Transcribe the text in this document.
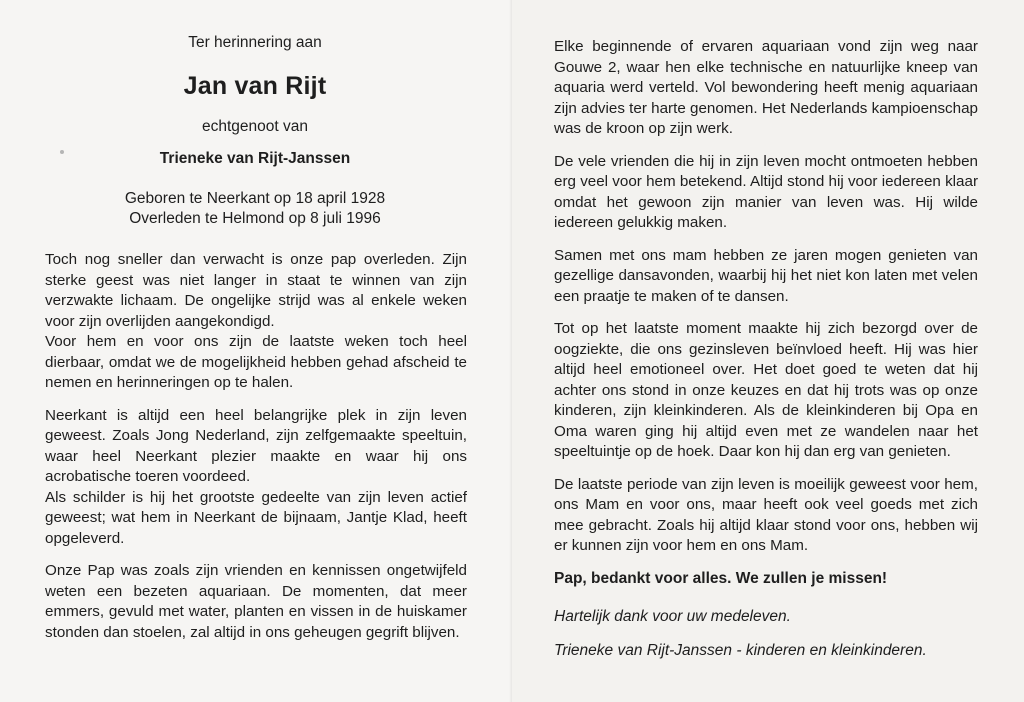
Ter herinnering aan
Jan van Rijt
echtgenoot van
Trieneke van Rijt-Janssen
Geboren te Neerkant op 18 april 1928
Overleden te Helmond op 8 juli 1996

Toch nog sneller dan verwacht is onze pap overleden. Zijn sterke geest was niet langer in staat te winnen van zijn verzwakte lichaam. De ongelijke strijd was al enkele weken voor zijn overlijden aangekondigd.

Voor hem en voor ons zijn de laatste weken toch heel dierbaar, omdat we de mogelijkheid hebben gehad afscheid te nemen en herinneringen op te halen.

Neerkant is altijd een heel belangrijke plek in zijn leven geweest. Zoals Jong Nederland, zijn zelfgemaakte speeltuin, waar heel Neerkant plezier maakte en waar hij ons acrobatische toeren voordeed.

Als schilder is hij het grootste gedeelte van zijn leven actief geweest; wat hem in Neerkant de bijnaam, Jantje Klad, heeft opgeleverd.

Onze Pap was zoals zijn vrienden en kennissen ongetwijfeld weten een bezeten aquariaan. De momenten, dat meer emmers, gevuld met water, planten en vissen in de huiskamer stonden dan stoelen, zal altijd in ons geheugen gegrift blijven.

Elke beginnende of ervaren aquariaan vond zijn weg naar Gouwe 2, waar hen elke technische en natuurlijke kneep van aquaria werd verteld. Vol bewondering heeft menig aquariaan zijn advies ter harte genomen. Het Nederlands kampioenschap was de kroon op zijn werk.

De vele vrienden die hij in zijn leven mocht ontmoeten hebben erg veel voor hem betekend. Altijd stond hij voor iedereen klaar omdat het gewoon zijn manier van leven was. Hij wilde iedereen gelukkig maken.

Samen met ons mam hebben ze jaren mogen genieten van gezellige dansavonden, waarbij hij het niet kon laten met velen een praatje te maken of te dansen.

Tot op het laatste moment maakte hij zich bezorgd over de oogziekte, die ons gezinsleven beïnvloed heeft. Hij was hier altijd heel emotioneel over. Het doet goed te weten dat hij achter ons stond in onze keuzes en dat hij trots was op onze kinderen, zijn kleinkinderen. Als de kleinkinderen bij Opa en Oma waren ging hij altijd even met ze wandelen naar het speeltuintje op de hoek. Daar kon hij dan erg van genieten.

De laatste periode van zijn leven is moeilijk geweest voor hem, ons Mam en voor ons, maar heeft ook veel goeds met zich mee gebracht. Zoals hij altijd klaar stond voor ons, hebben wij er kunnen zijn voor hem en ons Mam.

Pap, bedankt voor alles. We zullen je missen!

Hartelijk dank voor uw medeleven.

Trieneke van Rijt-Janssen - kinderen en kleinkinderen.
